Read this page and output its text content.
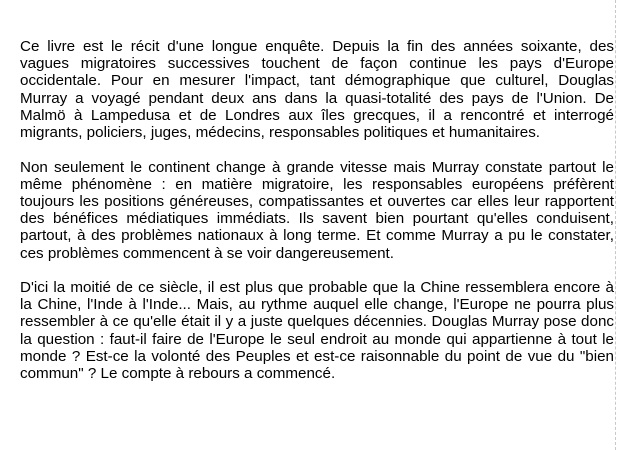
Ce livre est le récit d'une longue enquête. Depuis la fin des années soixante, des vagues migratoires successives touchent de façon continue les pays d'Europe occidentale. Pour en mesurer l'impact, tant démographique que culturel, Douglas Murray a voyagé pendant deux ans dans la quasi-totalité des pays de l'Union. De Malmö à Lampedusa et de Londres aux îles grecques, il a rencontré et interrogé migrants, policiers, juges, médecins, responsables politiques et humanitaires.

Non seulement le continent change à grande vitesse mais Murray constate partout le même phénomène : en matière migratoire, les responsables européens préfèrent toujours les positions généreuses, compatissantes et ouvertes car elles leur rapportent des bénéfices médiatiques immédiats. Ils savent bien pourtant qu'elles conduisent, partout, à des problèmes nationaux à long terme. Et comme Murray a pu le constater, ces problèmes commencent à se voir dangereusement.

D'ici la moitié de ce siècle, il est plus que probable que la Chine ressemblera encore à la Chine, l'Inde à l'Inde... Mais, au rythme auquel elle change, l'Europe ne pourra plus ressembler à ce qu'elle était il y a juste quelques décennies. Douglas Murray pose donc la question : faut-il faire de l'Europe le seul endroit au monde qui appartienne à tout le monde ? Est-ce la volonté des Peuples et est-ce raisonnable du point de vue du "bien commun" ? Le compte à rebours a commencé.
